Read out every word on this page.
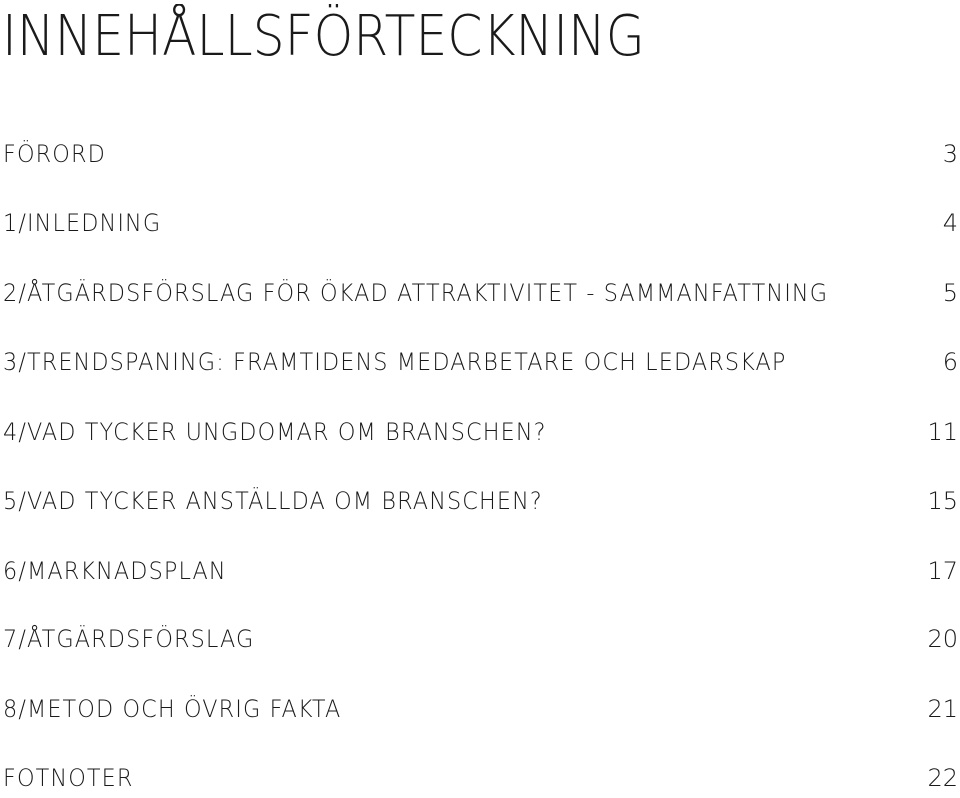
INNEHÅLLSFÖRTECKNING
FÖRORD	3
1/INLEDNING	4
2/ÅTGÄRDSFÖRSLAG FÖR ÖKAD ATTRAKTIVITET - SAMMANFATTNING	5
3/TRENDSPANING: FRAMTIDENS MEDARBETARE OCH LEDARSKAP	6
4/VAD TYCKER UNGDOMAR OM BRANSCHEN?	11
5/VAD TYCKER ANSTÄLLDA OM BRANSCHEN?	15
6/MARKNADSPLAN	17
7/ÅTGÄRDSFÖRSLAG	20
8/METOD OCH ÖVRIG FAKTA	21
FOTNOTER	22
